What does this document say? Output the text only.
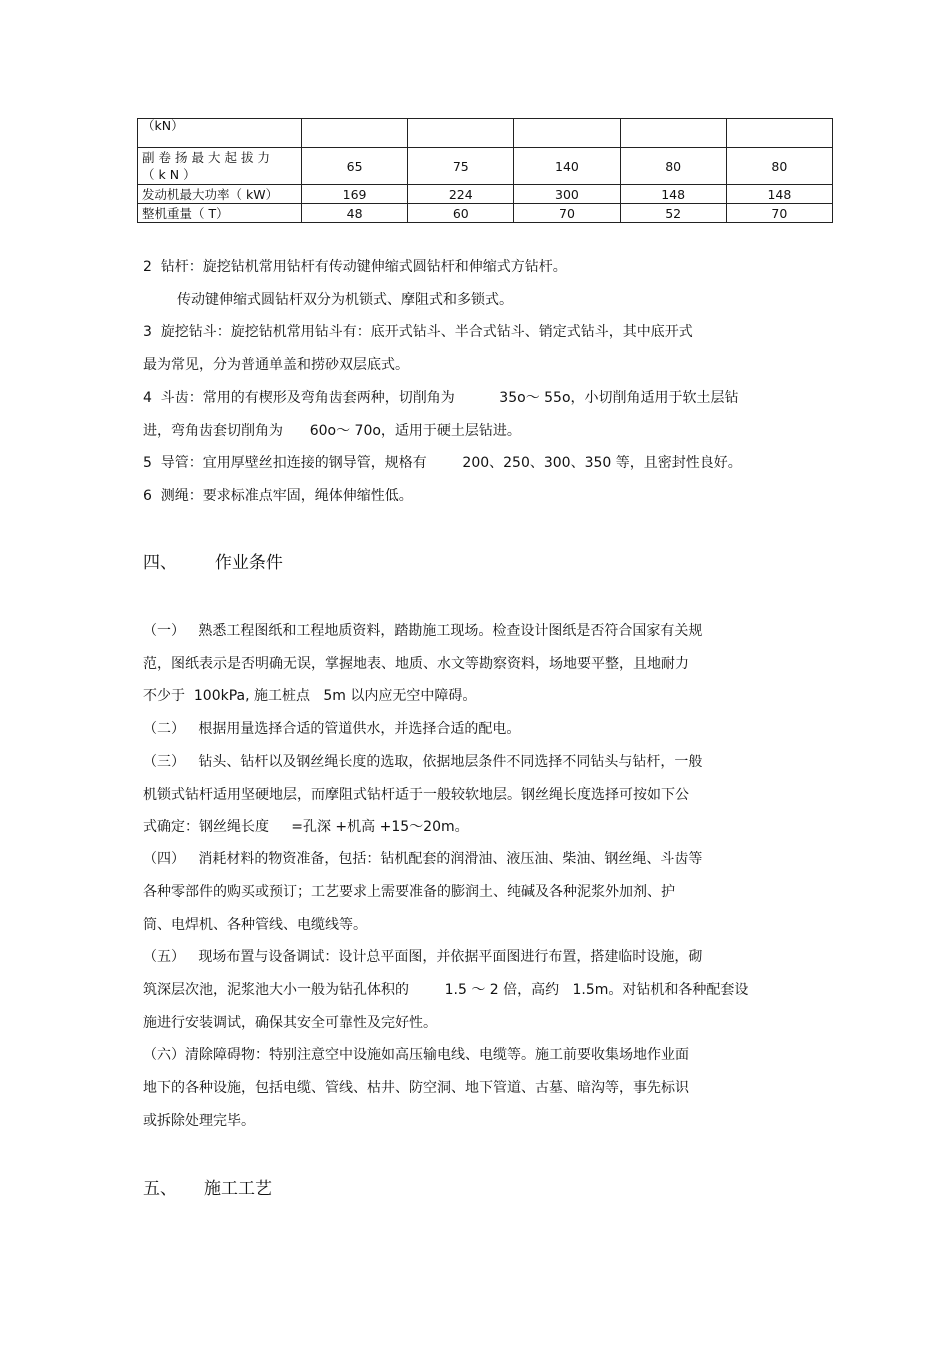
（kN）					
副卷扬最大起拔力（kN）	65	75	140	80	80
发动机最大功率（ kW）	169	224	300	148	148
整机重量（ T）	48	60	70	52	70
2  钻杆：旋挖钻机常用钻杆有传动键伸缩式圆钻杆和伸缩式方钻杆。
传动键伸缩式圆钻杆双分为机锁式、摩阻式和多锁式。
3  旋挖钻斗：旋挖钻机常用钻斗有：底开式钻斗、半合式钻斗、销定式钻斗，其中底开式
最为常见，分为普通单盖和捞砂双层底式。
4  斗齿：常用的有楔形及弯角齿套两种，切削角为          35o～ 55o，小切削角适用于软土层钻
进，弯角齿套切削角为      60o～ 70o，适用于硬土层钻进。
5  导管：宜用厚壁丝扣连接的钢导管，规格有        200、250、300、350 等，且密封性良好。
6  测绳：要求标准点牢固，绳体伸缩性低。
四、       作业条件
（一）   熟悉工程图纸和工程地质资料，踏勘施工现场。检查设计图纸是否符合国家有关规
范，图纸表示是否明确无误，掌握地表、地质、水文等勘察资料，场地要平整，且地耐力
不少于  100kPa, 施工桩点   5m 以内应无空中障碍。
（二）   根据用量选择合适的管道供水，并选择合适的配电。
（三）   钻头、钻杆以及钢丝绳长度的选取，依据地层条件不同选择不同钻头与钻杆，一般
机锁式钻杆适用坚硬地层，而摩阻式钻杆适于一般较软地层。钢丝绳长度选择可按如下公
式确定：钢丝绳长度     =孔深 +机高 +15～20m。
（四）   消耗材料的物资准备，包括：钻机配套的润滑油、液压油、柴油、钢丝绳、斗齿等
各种零部件的购买或预订；工艺要求上需要准备的膨润土、纯碱及各种泥浆外加剂、护
筒、电焊机、各种管线、电缆线等。
（五）   现场布置与设备调试：设计总平面图，并依据平面图进行布置，搭建临时设施，砌
筑深层次池，泥浆池大小一般为钻孔体积的        1.5 ～ 2 倍，高约   1.5m。对钻机和各种配套设
施进行安装调试，确保其安全可靠性及完好性。
（六）清除障碍物：特别注意空中设施如高压输电线、电缆等。施工前要收集场地作业面
地下的各种设施，包括电缆、管线、枯井、防空洞、地下管道、古墓、暗沟等，事先标识
或拆除处理完毕。
五、     施工工艺
